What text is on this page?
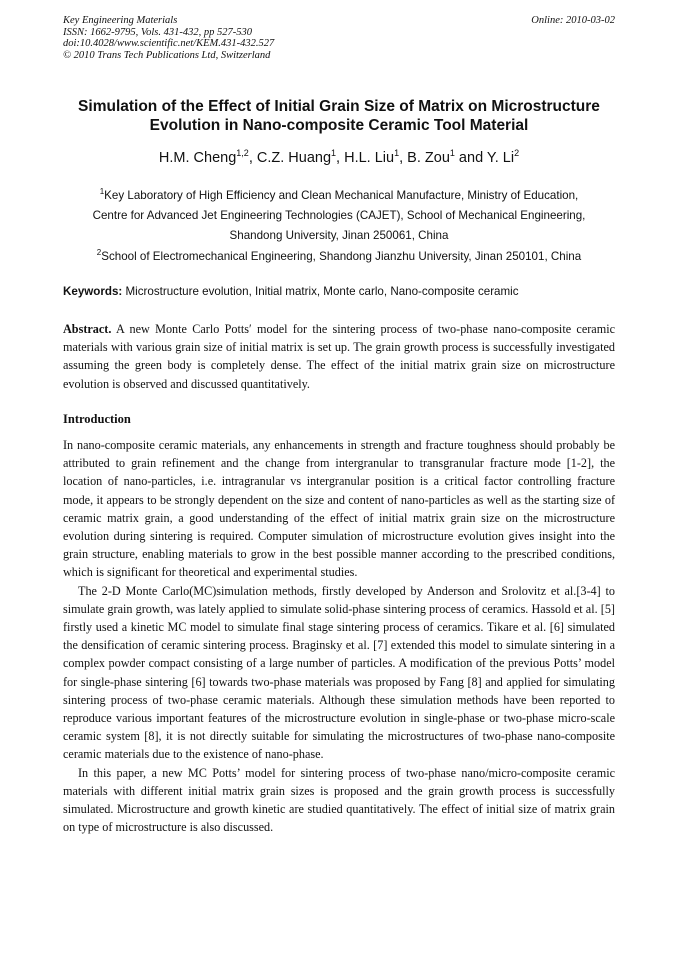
Key Engineering Materials
ISSN: 1662-9795, Vols. 431-432, pp 527-530
doi:10.4028/www.scientific.net/KEM.431-432.527
© 2010 Trans Tech Publications Ltd, Switzerland
Online: 2010-03-02
Simulation of the Effect of Initial Grain Size of Matrix on Microstructure
Evolution in Nano-composite Ceramic Tool Material
H.M. Cheng$^{1,2}$, C.Z. Huang$^1$, H.L. Liu$^1$, B. Zou$^1$ and Y. Li$^2$
$^1$Key Laboratory of High Efficiency and Clean Mechanical Manufacture, Ministry of Education,
Centre for Advanced Jet Engineering Technologies (CAJET), School of Mechanical Engineering,
Shandong University, Jinan 250061, China
$^2$School of Electromechanical Engineering, Shandong Jianzhu University, Jinan 250101, China
Keywords: Microstructure evolution, Initial matrix, Monte carlo, Nano-composite ceramic

Abstract. A new Monte Carlo Potts′ model for the sintering process of two-phase nano-composite ceramic materials with various grain size of initial matrix is set up. The grain growth process is successfully investigated assuming the green body is completely dense. The effect of the initial matrix grain size on microstructure evolution is observed and discussed quantitatively.

Introduction

In nano-composite ceramic materials, any enhancements in strength and fracture toughness should probably be attributed to grain refinement and the change from intergranular to transgranular fracture mode [1-2], the location of nano-particles, i.e. intragranular vs intergranular position is a critical factor controlling fracture mode, it appears to be strongly dependent on the size and content of nano-particles as well as the starting size of ceramic matrix grain, a good understanding of the effect of initial matrix grain size on the microstructure evolution during sintering is required. Computer simulation of microstructure evolution gives insight into the grain structure, enabling materials to grow in the best possible manner according to the prescribed conditions, which is significant for theoretical and experimental studies.

The 2-D Monte Carlo(MC)simulation methods, firstly developed by Anderson and Srolovitz et al.[3-4] to simulate grain growth, was lately applied to simulate solid-phase sintering process of ceramics. Hassold et al. [5] firstly used a kinetic MC model to simulate final stage sintering process of ceramics. Tikare et al. [6] simulated the densification of ceramic sintering process. Braginsky et al. [7] extended this model to simulate sintering in a complex powder compact consisting of a large number of particles. A modification of the previous Potts’ model for single-phase sintering [6] towards two-phase materials was proposed by Fang [8] and applied for simulating sintering process of two-phase ceramic materials. Although these simulation methods have been reported to reproduce various important features of the microstructure evolution in single-phase or two-phase micro-scale ceramic system [8], it is not directly suitable for simulating the microstructures of two-phase nano-composite ceramic materials due to the existence of nano-phase.

In this paper, a new MC Potts’ model for sintering process of two-phase nano/micro-composite ceramic materials with different initial matrix grain sizes is proposed and the grain growth process is successfully simulated. Microstructure and growth kinetic are studied quantitatively. The effect of initial size of matrix grain on type of microstructure is also discussed.
